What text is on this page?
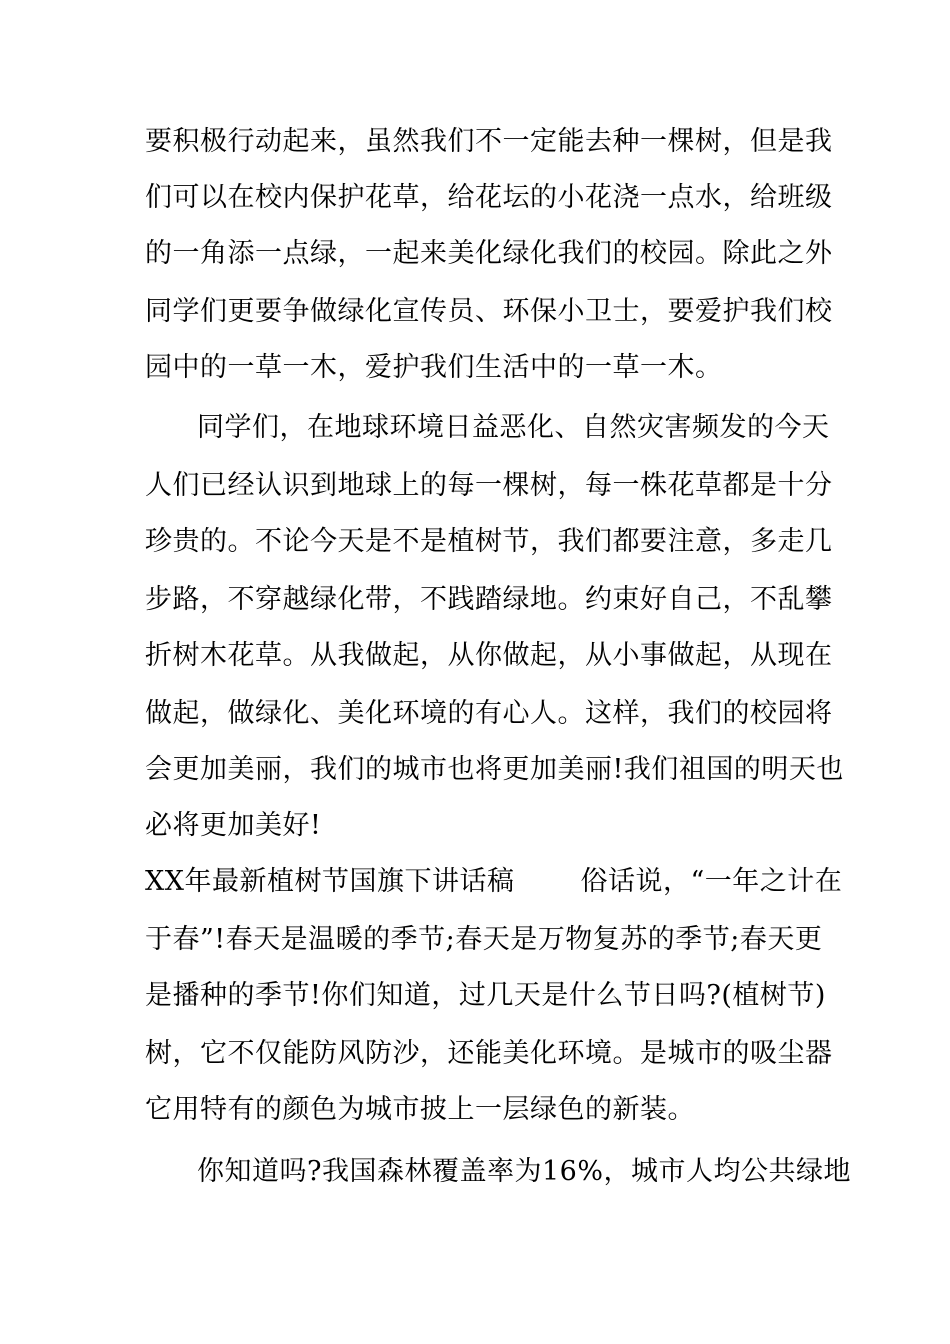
要积极行动起来，虽然我们不一定能去种一棵树，但是我
们可以在校内保护花草，给花坛的小花浇一点水，给班级
的一角添一点绿，一起来美化绿化我们的校园。除此之外
同学们更要争做绿化宣传员、环保小卫士，要爱护我们校
园中的一草一木，爱护我们生活中的一草一木。
同学们，在地球环境日益恶化、自然灾害频发的今天
人们已经认识到地球上的每一棵树，每一株花草都是十分
珍贵的。不论今天是不是植树节，我们都要注意，多走几
步路，不穿越绿化带，不践踏绿地。约束好自己，不乱攀
折树木花草。从我做起，从你做起，从小事做起，从现在
做起，做绿化、美化环境的有心人。这样，我们的校园将
会更加美丽，我们的城市也将更加美丽!我们祖国的明天也
必将更加美好!
XX年最新植树节国旗下讲话稿 俗话说，“一年之计在
于春”!春天是温暖的季节;春天是万物复苏的季节;春天更
是播种的季节!你们知道，过几天是什么节日吗?(植树节)
树，它不仅能防风防沙，还能美化环境。是城市的吸尘器
它用特有的颜色为城市披上一层绿色的新装。
你知道吗?我国森林覆盖率为16%，城市人均公共绿地
